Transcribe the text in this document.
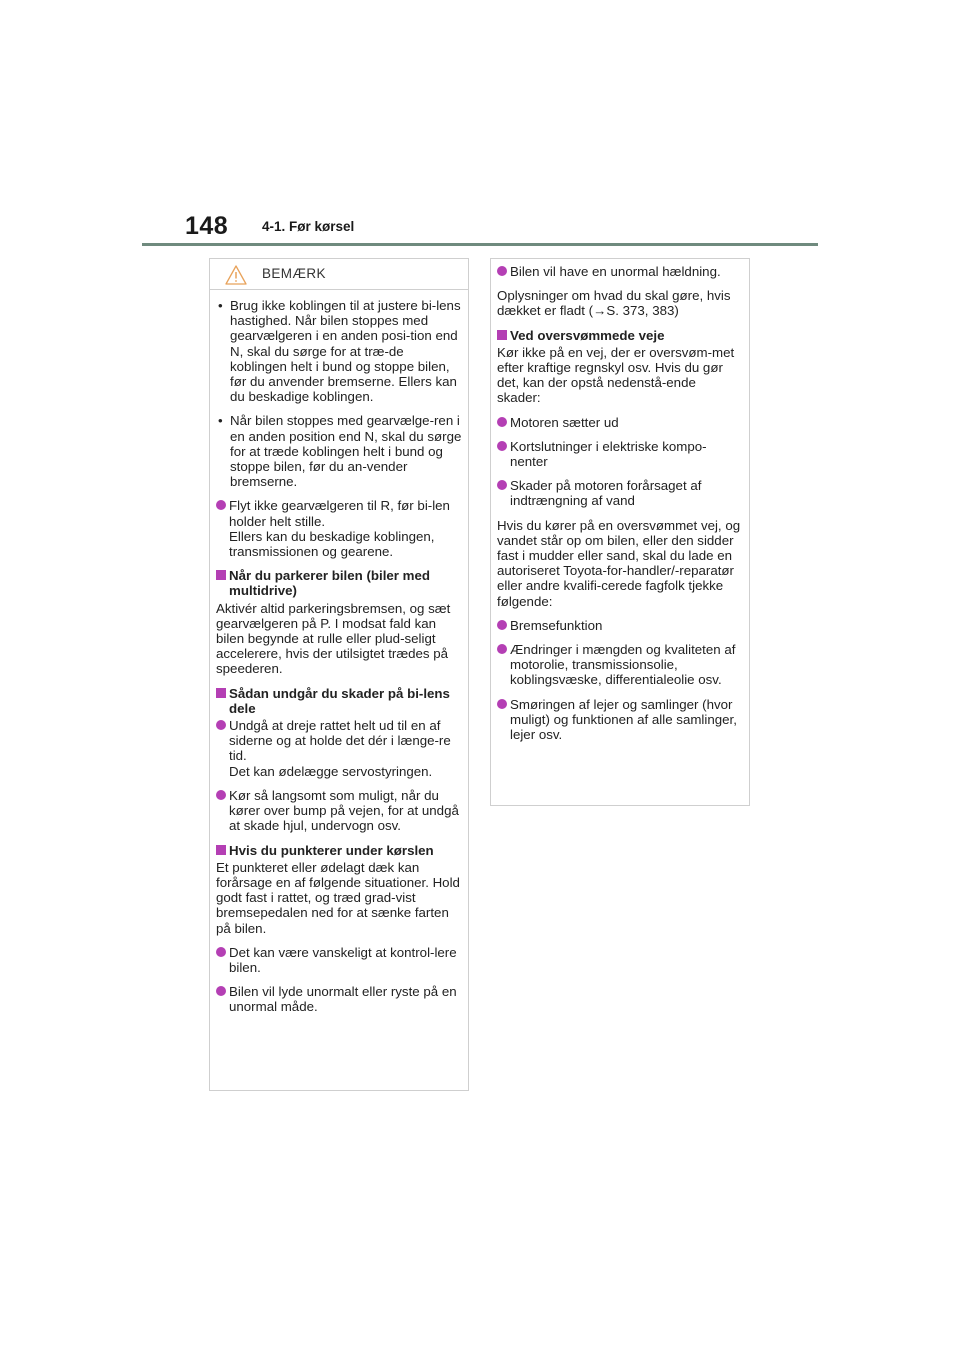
148	4-1. Før kørsel
BEMÆRK
• Brug ikke koblingen til at justere bi-lens hastighed. Når bilen stoppes med gearvælgeren i en anden posi-tion end N, skal du sørge for at træ-de koblingen helt i bund og stoppe bilen, før du anvender bremserne. Ellers kan du beskadige koblingen.
• Når bilen stoppes med gearvælge-ren i en anden position end N, skal du sørge for at træde koblingen helt i bund og stoppe bilen, før du an-vender bremserne.
Flyt ikke gearvælgeren til R, før bi-len holder helt stille.
Ellers kan du beskadige koblingen, transmissionen og gearene.
Når du parkerer bilen (biler med multidrive)

Aktivér altid parkeringsbremsen, og sæt gearvælgeren på P. I modsat fald kan bilen begynde at rulle eller plud-seligt accelerere, hvis der utilsigtet trædes på speederen.

Sådan undgår du skader på bi-lens dele
Undgå at dreje rattet helt ud til en af siderne og at holde det dér i længe-re tid.
Det kan ødelægge servostyringen.
Kør så langsomt som muligt, når du kører over bump på vejen, for at undgå at skade hjul, undervogn osv.
Hvis du punkterer under kørslen

Et punkteret eller ødelagt dæk kan forårsage en af følgende situationer. Hold godt fast i rattet, og træd grad-vist bremsepedalen ned for at sænke farten på bilen.

Det kan være vanskeligt at kontrol-lere bilen.
Bilen vil lyde unormalt eller ryste på en unormal måde.
Bilen vil have en unormal hældning.

Oplysninger om hvad du skal gøre, hvis dækket er fladt (→S. 373, 383)

Ved oversvømmede veje

Kør ikke på en vej, der er oversvøm-met efter kraftige regnskyl osv. Hvis du gør det, kan der opstå nedenstå-ende skader:

Motoren sætter ud
Kortslutninger i elektriske kompo-nenter
Skader på motoren forårsaget af indtrængning af vand

Hvis du kører på en oversvømmet vej, og vandet står op om bilen, eller den sidder fast i mudder eller sand, skal du lade en autoriseret Toyota-for-handler/-reparatør eller andre kvalifi-cerede fagfolk tjekke følgende:

Bremsefunktion
Ændringer i mængden og kvaliteten af motorolie, transmissionsolie, koblingsvæske, differentialeolie osv.
Smøringen af lejer og samlinger (hvor muligt) og funktionen af alle samlinger, lejer osv.
